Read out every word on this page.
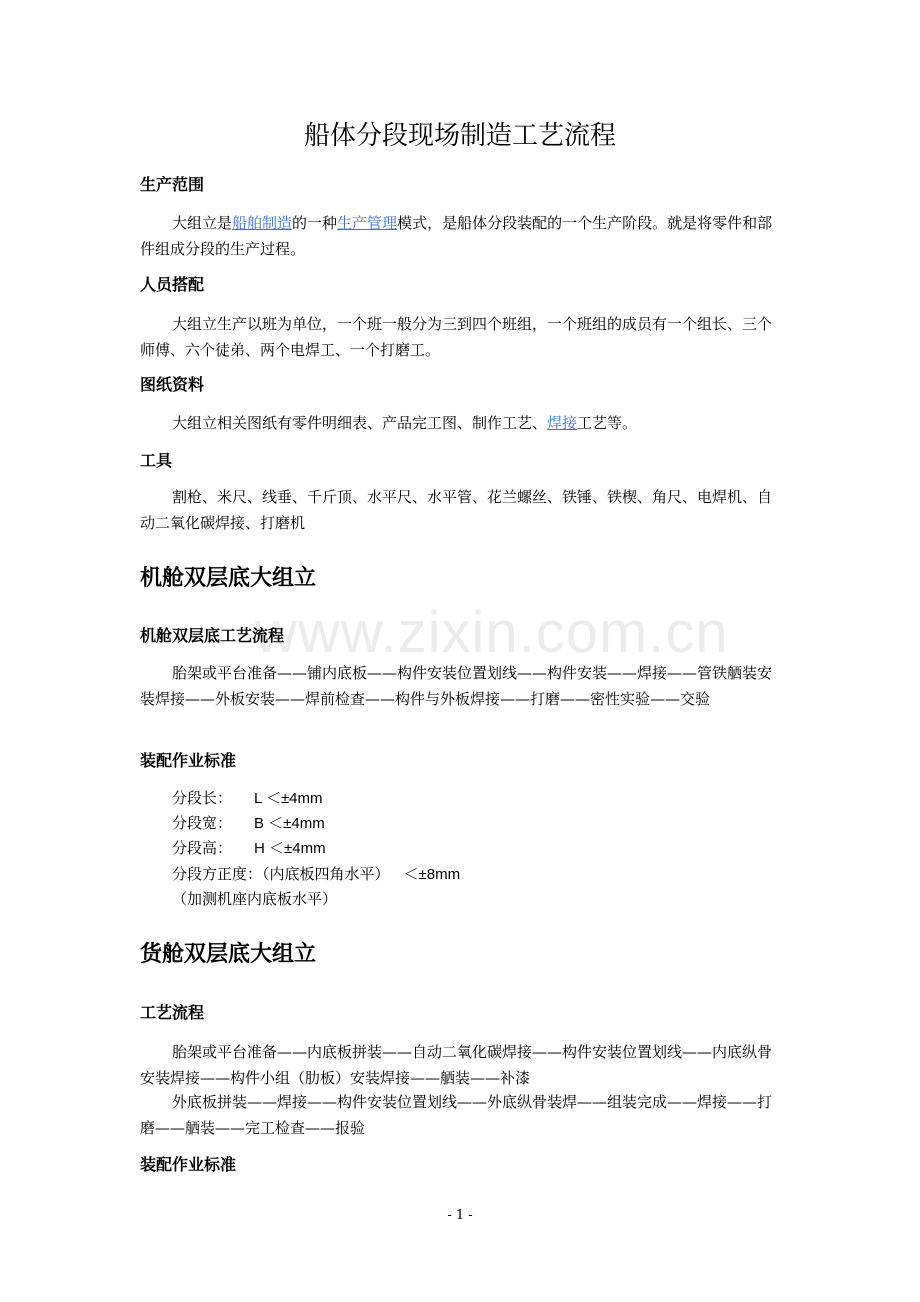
www.zixin.com.cn
船体分段现场制造工艺流程
生产范围

大组立是船舶制造的一种生产管理模式，是船体分段装配的一个生产阶段。就是将零件和部件组成分段的生产过程。

人员搭配

大组立生产以班为单位，一个班一般分为三到四个班组，一个班组的成员有一个组长、三个师傅、六个徒弟、两个电焊工、一个打磨工。

图纸资料

大组立相关图纸有零件明细表、产品完工图、制作工艺、焊接工艺等。

工具

割枪、米尺、线垂、千斤顶、水平尺、水平管、花兰螺丝、铁锤、铁楔、角尺、电焊机、自动二氧化碳焊接、打磨机

机舱双层底大组立
机舱双层底工艺流程

胎架或平台准备——铺内底板——构件安装位置划线——构件安装——焊接——管铁舾装安装焊接——外板安装——焊前检查——构件与外板焊接——打磨——密性实验——交验

装配作业标准
分段长： L ＜±4mm
分段宽： B ＜±4mm
分段高： H ＜±4mm
分段方正度：（内底板四角水平） ＜±8mm
（加测机座内底板水平）
货舱双层底大组立
工艺流程

胎架或平台准备——内底板拼装——自动二氧化碳焊接——构件安装位置划线——内底纵骨安装焊接——构件小组（肋板）安装焊接——舾装——补漆

外底板拼装——焊接——构件安装位置划线——外底纵骨装焊——组装完成——焊接——打磨——舾装——完工检查——报验

装配作业标准
- 1 -
